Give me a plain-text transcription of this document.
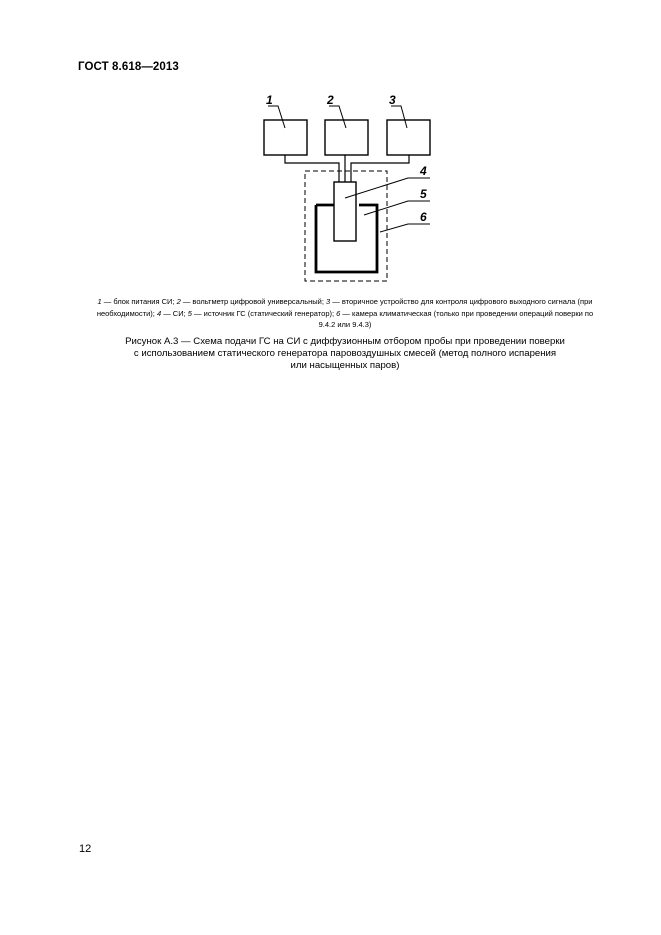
ГОСТ 8.618—2013
1	2	3
4
5
6
1 — блок питания СИ; 2 — вольтметр цифровой универсальный; 3 — вторичное устройство для контроля цифрового выходного сигнала (при необходимости); 4 — СИ; 5 — источник ГС (статический генератор); 6 — камера климатическая (только при проведении операций поверки по 9.4.2 или 9.4.3)
Рисунок А.3 — Схема подачи ГС на СИ с диффузионным отбором пробы при проведении поверки
с использованием статического генератора паровоздушных смесей (метод полного испарения
или насыщенных паров)
12
